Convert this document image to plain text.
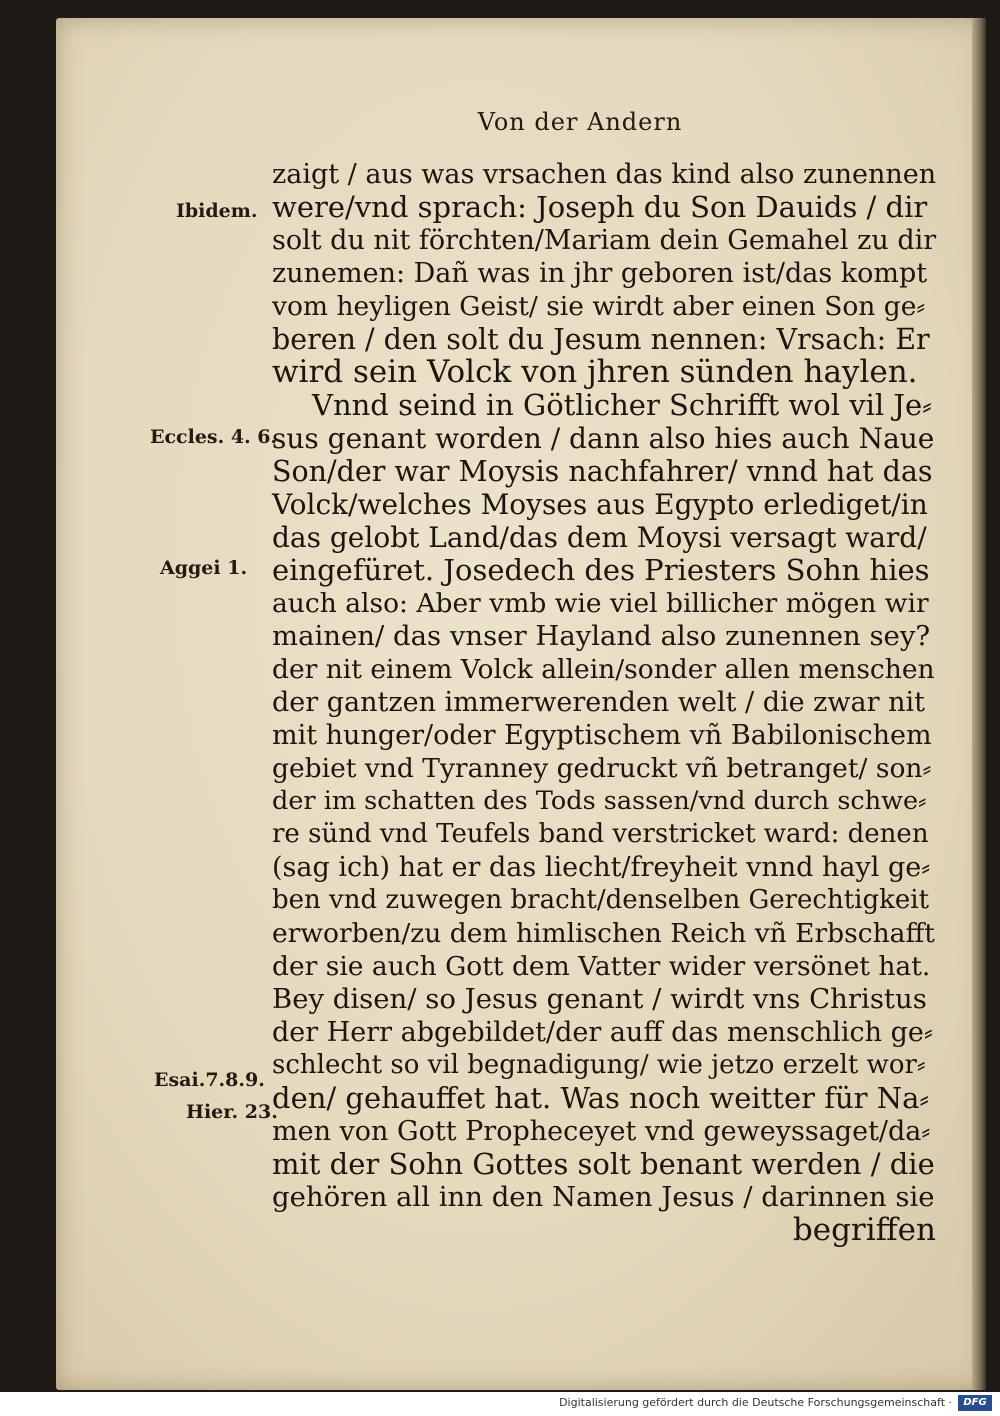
Von der Andern
zaigt / aus was vrsachen das kind also zunennen
were/vnd sprach: Joseph du Son Dauids / dir
solt du nit förchten/Mariam dein Gemahel zu dir
zunemen: Dañ was in jhr geboren ist/das kompt
vom heyligen Geist/ sie wirdt aber einen Son ge⸗
beren / den solt du Jesum nennen: Vrsach: Er
wird sein Volck von jhren sünden haylen.
Vnnd seind in Götlicher Schrifft wol vil Je⸗
sus genant worden / dann also hies auch Naue
Son/der war Moysis nachfahrer/ vnnd hat das
Volck/welches Moyses aus Egypto erlediget/in
das gelobt Land/das dem Moysi versagt ward/
eingefüret. Josedech des Priesters Sohn hies
auch also: Aber vmb wie viel billicher mögen wir
mainen/ das vnser Hayland also zunennen sey?
der nit einem Volck allein/sonder allen menschen
der gantzen immerwerenden welt / die zwar nit
mit hunger/oder Egyptischem vñ Babilonischem
gebiet vnd Tyranney gedruckt vñ betranget/ son⸗
der im schatten des Tods sassen/vnd durch schwe⸗
re sünd vnd Teufels band verstricket ward: denen
(sag ich) hat er das liecht/freyheit vnnd hayl ge⸗
ben vnd zuwegen bracht/denselben Gerechtigkeit
erworben/zu dem himlischen Reich vñ Erbschafft
der sie auch Gott dem Vatter wider versönet hat.
Bey disen/ so Jesus genant / wirdt vns Christus
der Herr abgebildet/der auff das menschlich ge⸗
schlecht so vil begnadigung/ wie jetzo erzelt wor⸗
den/ gehauffet hat. Was noch weitter für Na⸗
men von Gott Propheceyet vnd geweyssaget/da⸗
mit der Sohn Gottes solt benant werden / die
gehören all inn den Namen Jesus / darinnen sie
begriffen
Ibidem.
Eccles. 4. 6.
Aggei 1.
Esai.7.8.9.
Hier. 23.
Digitalisierung gefördert durch die Deutsche Forschungsgemeinschaft ·	DFG
